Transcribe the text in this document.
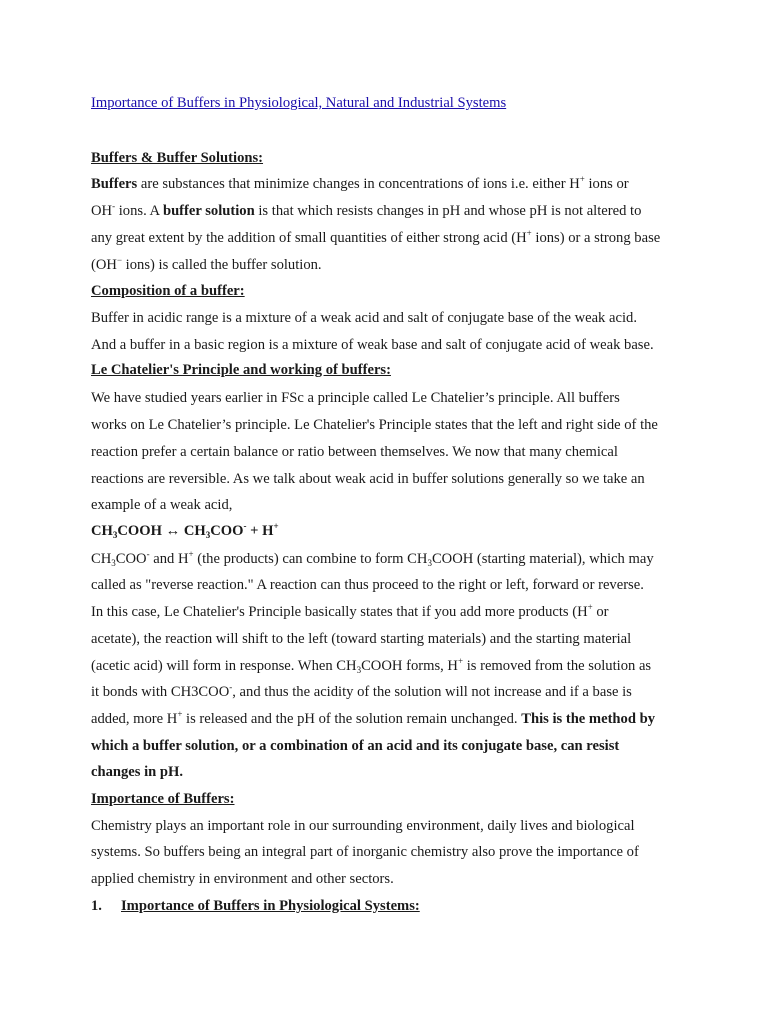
Importance of Buffers in Physiological, Natural and Industrial Systems
Buffers & Buffer Solutions:
Buffers are substances that minimize changes in concentrations of ions i.e. either H+ ions or
OH- ions. A buffer solution is that which resists changes in pH and whose pH is not altered to
any great extent by the addition of small quantities of either strong acid (H+ ions) or a strong base
(OH− ions) is called the buffer solution.
Composition of a buffer:
Buffer in acidic range is a mixture of a weak acid and salt of conjugate base of the weak acid.
And a buffer in a basic region is a mixture of weak base and salt of conjugate acid of weak base.
Le Chatelier's Principle and working of buffers:
We have studied years earlier in FSc a principle called Le Chatelier’s principle. All buffers
works on Le Chatelier’s principle. Le Chatelier's Principle states that the left and right side of the
reaction prefer a certain balance or ratio between themselves. We now that many chemical
reactions are reversible. As we talk about weak acid in buffer solutions generally so we take an
example of a weak acid,
$CH_3COOH$ ↔ $CH_3COO^- + H^+$
$CH_3COO^-$ and H+ (the products) can combine to form $CH_3COOH$ (starting material), which may
called as "reverse reaction." A reaction can thus proceed to the right or left, forward or reverse.
In this case, Le Chatelier's Principle basically states that if you add more products (H+ or
acetate), the reaction will shift to the left (toward starting materials) and the starting material
(acetic acid) will form in response. When $CH_3COOH$ forms, H+ is removed from the solution as
it bonds with CH3COO-, and thus the acidity of the solution will not increase and if a base is
added, more H+ is released and the pH of the solution remain unchanged. This is the method by
which a buffer solution, or a combination of an acid and its conjugate base, can resist
changes in pH.
Importance of Buffers:
Chemistry plays an important role in our surrounding environment, daily lives and biological
systems. So buffers being an integral part of inorganic chemistry also prove the importance of
applied chemistry in environment and other sectors.
1. Importance of Buffers in Physiological Systems:
